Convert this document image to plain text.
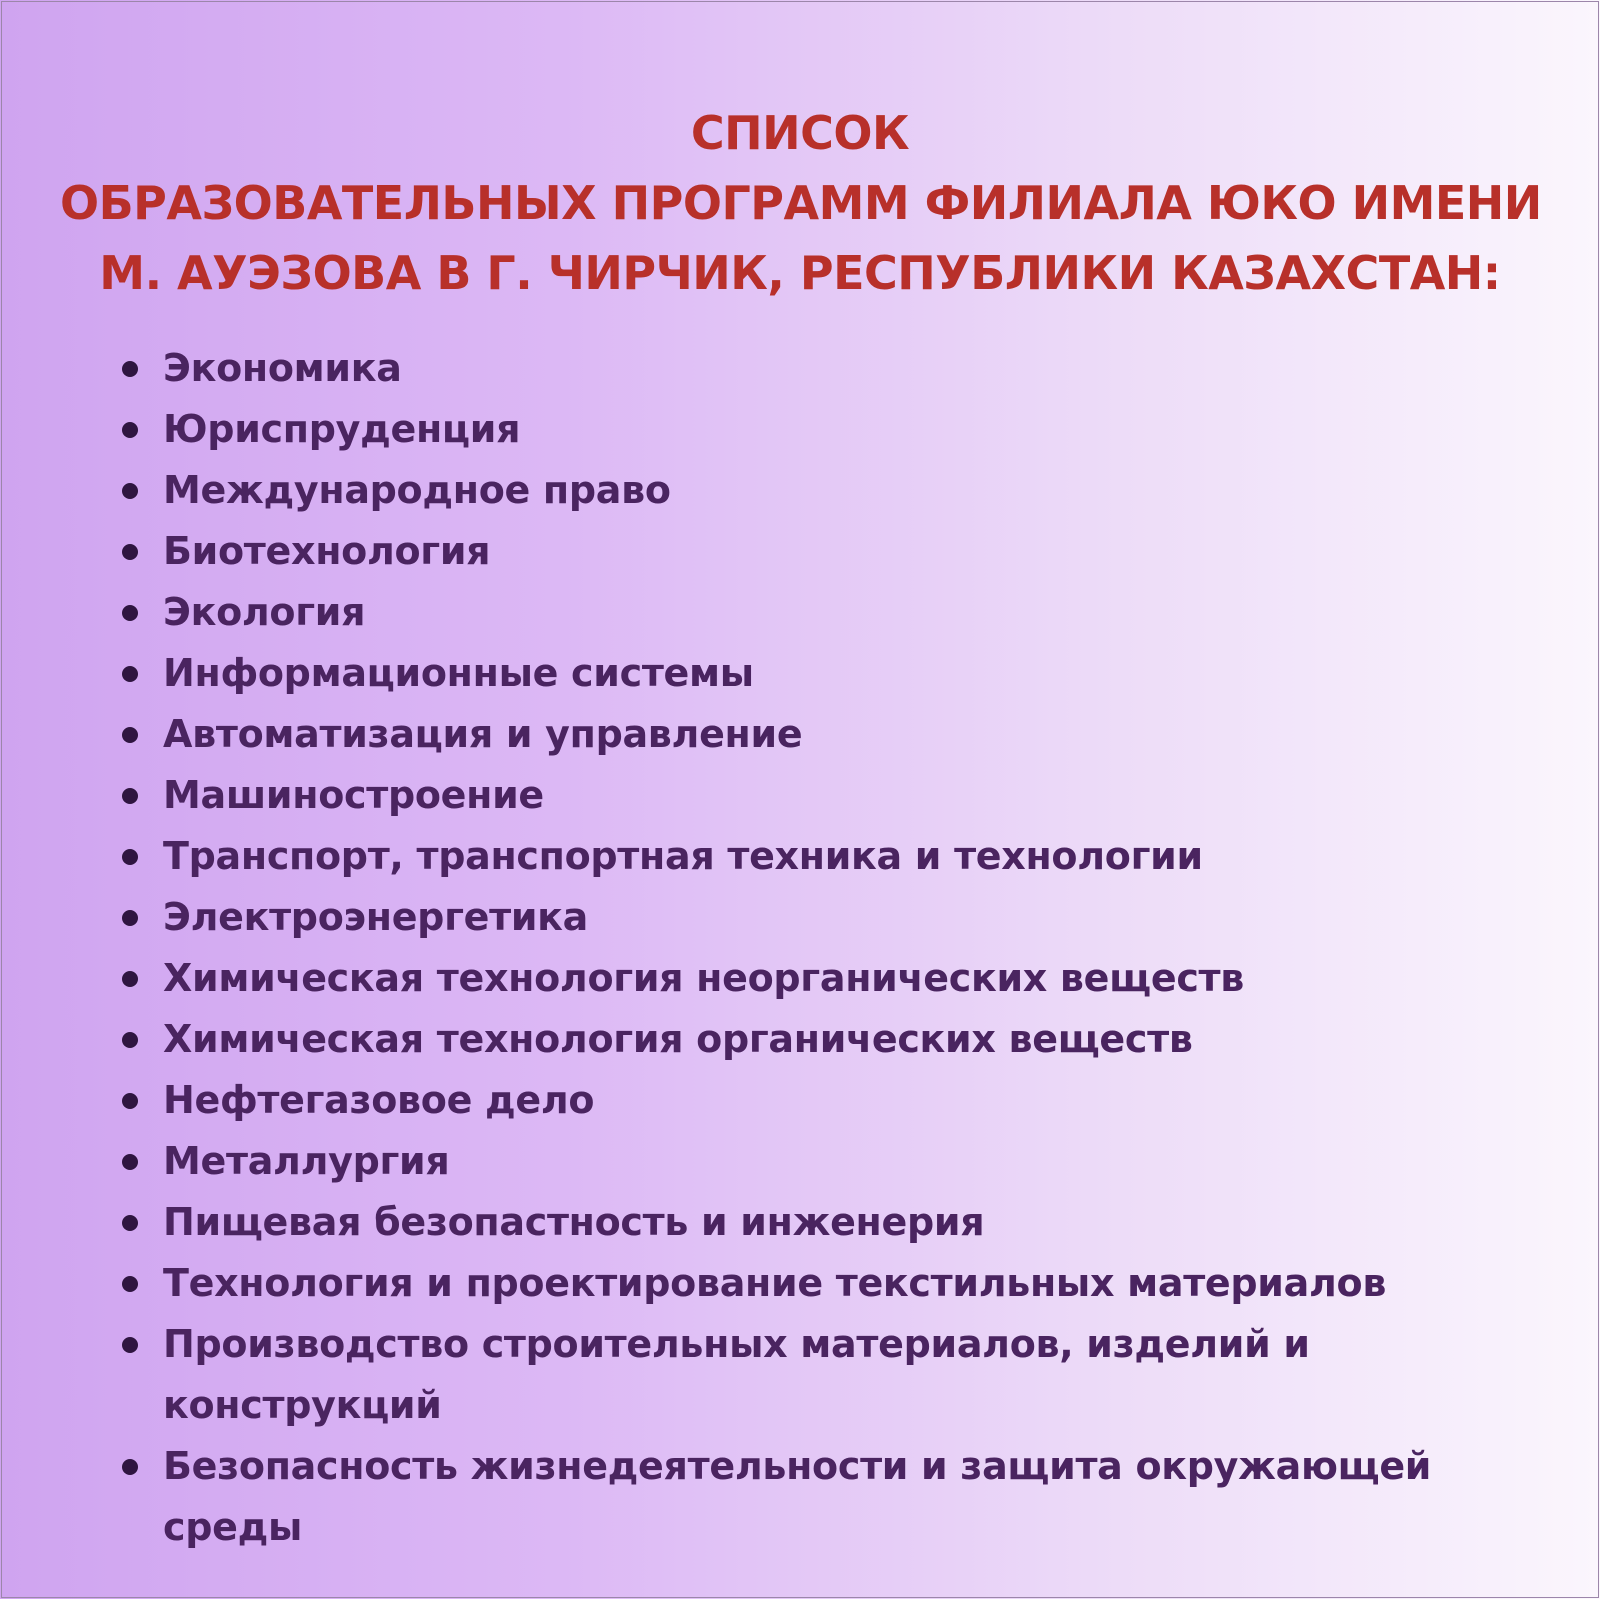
СПИСОК
ОБРАЗОВАТЕЛЬНЫХ ПРОГРАММ ФИЛИАЛА ЮКО ИМЕНИ
М. АУЭЗОВА В Г. ЧИРЧИК, РЕСПУБЛИКИ КАЗАХСТАН:
Экономика
Юриспруденция
Международное право
Биотехнология
Экология
Информационные системы
Автоматизация и управление
Машиностроение
Транспорт, транспортная техника и технологии
Электроэнергетика
Химическая технология неорганических веществ
Химическая технология органических веществ
Нефтегазовое дело
Металлургия
Пищевая безопастность и инженерия
Технология и проектирование текстильных материалов
Производство строительных материалов, изделий и конструкций
Безопасность жизнедеятельности и защита окружающей среды
